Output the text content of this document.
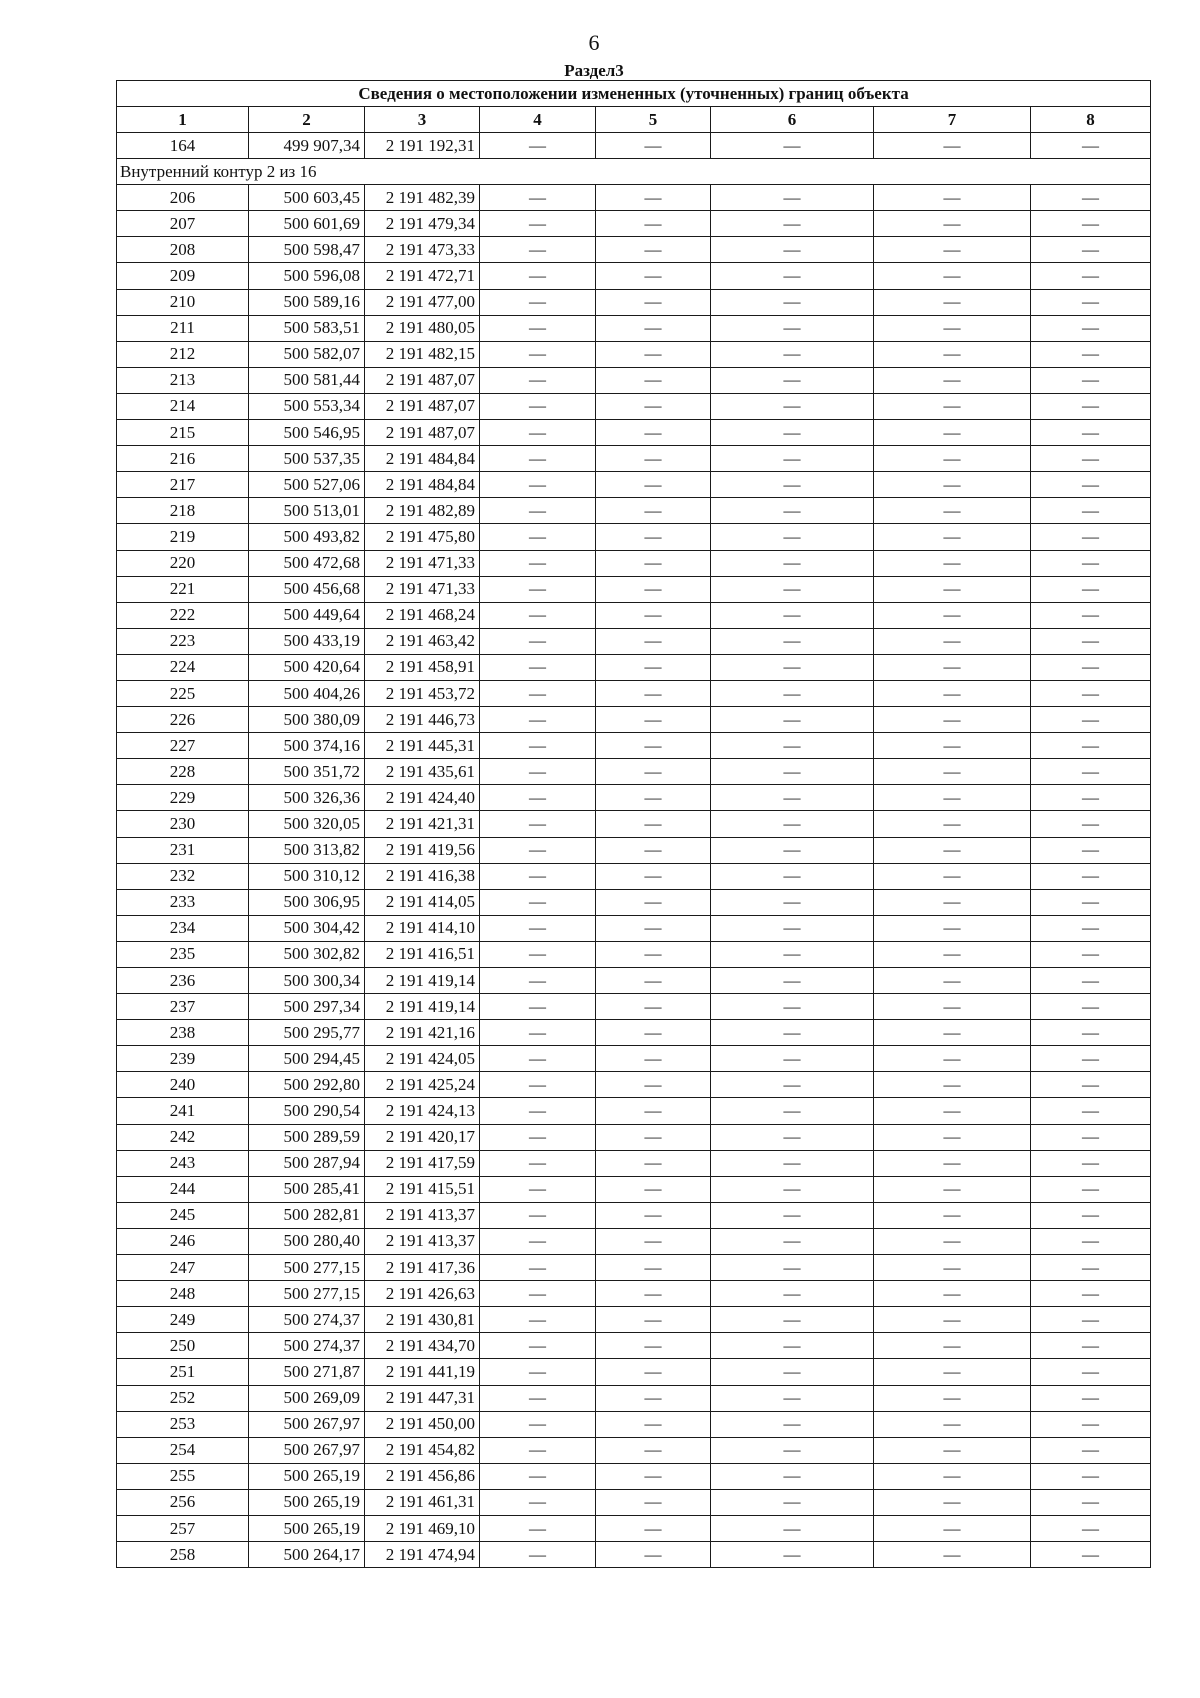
6
Раздел3
Сведения о местоположении измененных (уточненных) границ объекта							
1	2	3	4	5	6	7	8
164	499 907,34	2 191 192,31	—	—	—	—	—
Внутренний контур 2 из 16							
206	500 603,45	2 191 482,39	—	—	—	—	—
207	500 601,69	2 191 479,34	—	—	—	—	—
208	500 598,47	2 191 473,33	—	—	—	—	—
209	500 596,08	2 191 472,71	—	—	—	—	—
210	500 589,16	2 191 477,00	—	—	—	—	—
211	500 583,51	2 191 480,05	—	—	—	—	—
212	500 582,07	2 191 482,15	—	—	—	—	—
213	500 581,44	2 191 487,07	—	—	—	—	—
214	500 553,34	2 191 487,07	—	—	—	—	—
215	500 546,95	2 191 487,07	—	—	—	—	—
216	500 537,35	2 191 484,84	—	—	—	—	—
217	500 527,06	2 191 484,84	—	—	—	—	—
218	500 513,01	2 191 482,89	—	—	—	—	—
219	500 493,82	2 191 475,80	—	—	—	—	—
220	500 472,68	2 191 471,33	—	—	—	—	—
221	500 456,68	2 191 471,33	—	—	—	—	—
222	500 449,64	2 191 468,24	—	—	—	—	—
223	500 433,19	2 191 463,42	—	—	—	—	—
224	500 420,64	2 191 458,91	—	—	—	—	—
225	500 404,26	2 191 453,72	—	—	—	—	—
226	500 380,09	2 191 446,73	—	—	—	—	—
227	500 374,16	2 191 445,31	—	—	—	—	—
228	500 351,72	2 191 435,61	—	—	—	—	—
229	500 326,36	2 191 424,40	—	—	—	—	—
230	500 320,05	2 191 421,31	—	—	—	—	—
231	500 313,82	2 191 419,56	—	—	—	—	—
232	500 310,12	2 191 416,38	—	—	—	—	—
233	500 306,95	2 191 414,05	—	—	—	—	—
234	500 304,42	2 191 414,10	—	—	—	—	—
235	500 302,82	2 191 416,51	—	—	—	—	—
236	500 300,34	2 191 419,14	—	—	—	—	—
237	500 297,34	2 191 419,14	—	—	—	—	—
238	500 295,77	2 191 421,16	—	—	—	—	—
239	500 294,45	2 191 424,05	—	—	—	—	—
240	500 292,80	2 191 425,24	—	—	—	—	—
241	500 290,54	2 191 424,13	—	—	—	—	—
242	500 289,59	2 191 420,17	—	—	—	—	—
243	500 287,94	2 191 417,59	—	—	—	—	—
244	500 285,41	2 191 415,51	—	—	—	—	—
245	500 282,81	2 191 413,37	—	—	—	—	—
246	500 280,40	2 191 413,37	—	—	—	—	—
247	500 277,15	2 191 417,36	—	—	—	—	—
248	500 277,15	2 191 426,63	—	—	—	—	—
249	500 274,37	2 191 430,81	—	—	—	—	—
250	500 274,37	2 191 434,70	—	—	—	—	—
251	500 271,87	2 191 441,19	—	—	—	—	—
252	500 269,09	2 191 447,31	—	—	—	—	—
253	500 267,97	2 191 450,00	—	—	—	—	—
254	500 267,97	2 191 454,82	—	—	—	—	—
255	500 265,19	2 191 456,86	—	—	—	—	—
256	500 265,19	2 191 461,31	—	—	—	—	—
257	500 265,19	2 191 469,10	—	—	—	—	—
258	500 264,17	2 191 474,94	—	—	—	—	—
